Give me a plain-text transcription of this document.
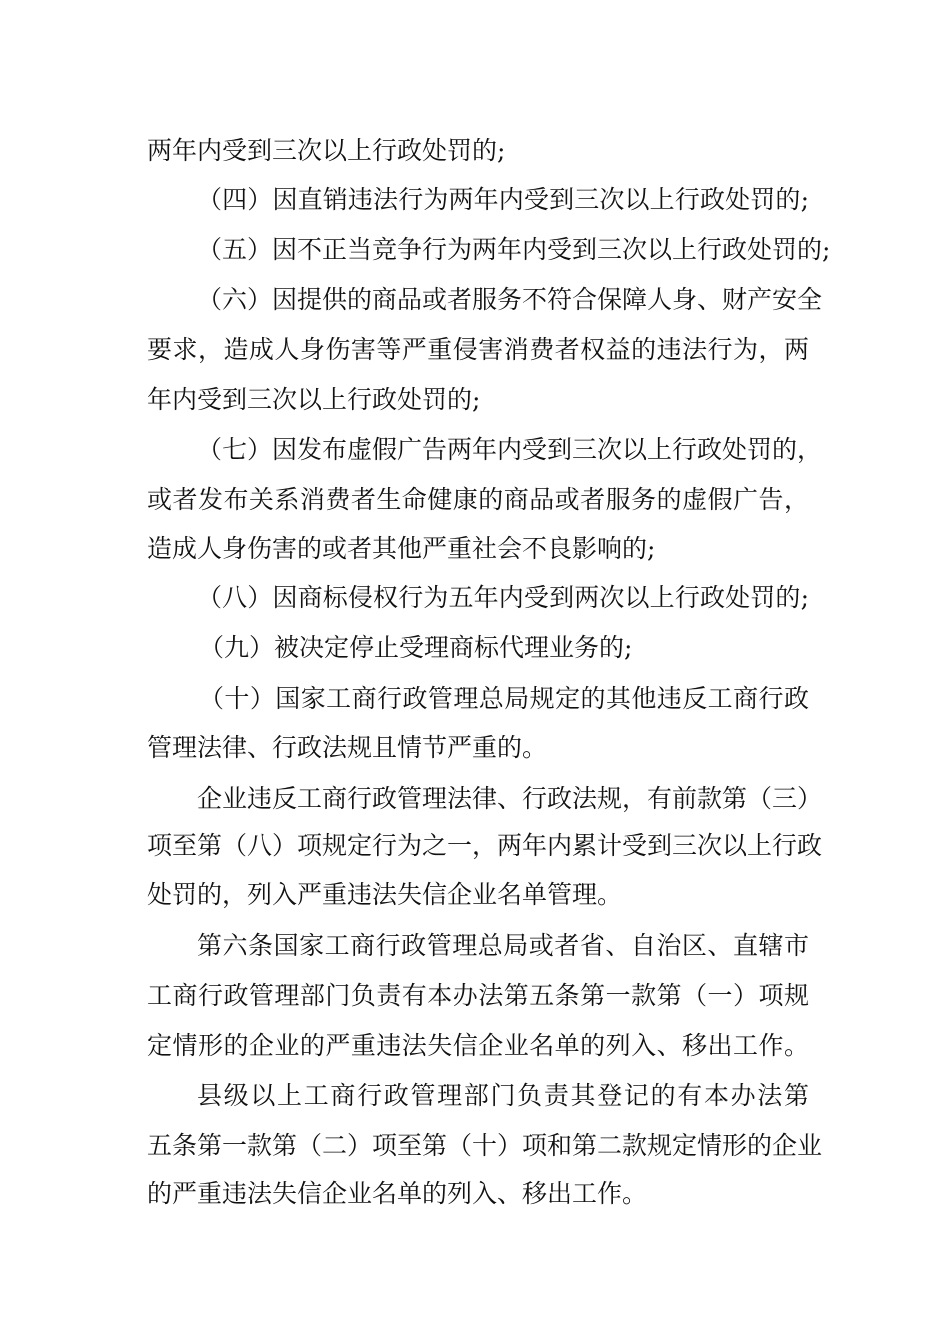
两年内受到三次以上行政处罚的;
（四）因直销违法行为两年内受到三次以上行政处罚的;
（五）因不正当竞争行为两年内受到三次以上行政处罚的;
（六）因提供的商品或者服务不符合保障人身、财产安全
要求，造成人身伤害等严重侵害消费者权益的违法行为，两
年内受到三次以上行政处罚的;
（七）因发布虚假广告两年内受到三次以上行政处罚的，
或者发布关系消费者生命健康的商品或者服务的虚假广告，
造成人身伤害的或者其他严重社会不良影响的;
（八）因商标侵权行为五年内受到两次以上行政处罚的;
（九）被决定停止受理商标代理业务的;
（十）国家工商行政管理总局规定的其他违反工商行政
管理法律、行政法规且情节严重的。
企业违反工商行政管理法律、行政法规，有前款第（三）
项至第（八）项规定行为之一，两年内累计受到三次以上行政
处罚的，列入严重违法失信企业名单管理。
第六条国家工商行政管理总局或者省、自治区、直辖市
工商行政管理部门负责有本办法第五条第一款第（一）项规
定情形的企业的严重违法失信企业名单的列入、移出工作。
县级以上工商行政管理部门负责其登记的有本办法第
五条第一款第（二）项至第（十）项和第二款规定情形的企业
的严重违法失信企业名单的列入、移出工作。
